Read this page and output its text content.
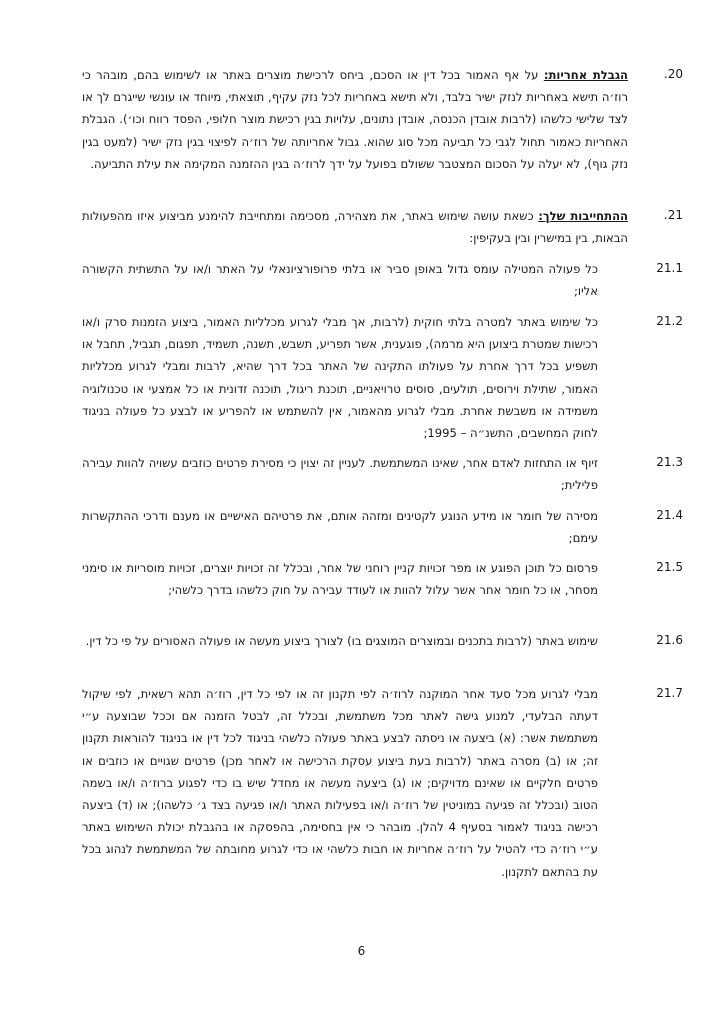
.20
הגבלת אחריות: על אף האמור בכל דין או הסכם, ביחס לרכישת מוצרים באתר או לשימוש בהם, מובהר כי רוז׳ה תישא באחריות לנזק ישיר בלבד, ולא תישא באחריות לכל נזק עקיף, תוצאתי, מיוחד או עונשי שייגרם לך או לצד שלישי כלשהו (לרבות אובדן הכנסה, אובדן נתונים, עלויות בגין רכישת מוצר חלופי, הפסד רווח וכו׳). הגבלת האחריות כאמור תחול לגבי כל תביעה מכל סוג שהוא. גבול אחריותה של רוז׳ה לפיצוי בגין נזק ישיר (למעט בגין נזק גוף), לא יעלה על הסכום המצטבר ששולם בפועל על ידך לרוז׳ה בגין ההזמנה המקימה את עילת התביעה.
.21
ההתחייבות שלך: כשאת עושה שימוש באתר, את מצהירה, מסכימה ומתחייבת להימנע מביצוע איזו מהפעולות הבאות, בין במישרין ובין בעקיפין:
21.1
כל פעולה המטילה עומס גדול באופן סביר או בלתי פרופורציונאלי על האתר ו/או על התשתית הקשורה אליו;
21.2
כל שימוש באתר למטרה בלתי חוקית (לרבות, אך מבלי לגרוע מכלליות האמור, ביצוע הזמנות סרק ו/או רכישות שמטרת ביצוען היא מרמה), פוגענית, אשר תפריע, תשבש, תשנה, תשמיד, תפגום, תגביל, תחבל או תשפיע בכל דרך אחרת על פעולתו התקינה של האתר בכל דרך שהיא, לרבות ומבלי לגרוע מכלליות האמור, שתילת וירוסים, תולעים, סוסים טרויאניים, תוכנת ריגול, תוכנה זדונית או כל אמצעי או טכנולוגיה משמידה או משבשת אחרת. מבלי לגרוע מהאמור, אין להשתמש או להפריע או לבצע כל פעולה בניגוד לחוק המחשבים, התשנ״ה – 1995;
21.3
זיוף או התחזות לאדם אחר, שאינו המשתמשת. לעניין זה יצוין כי מסירת פרטים כוזבים עשויה להוות עבירה פלילית;
21.4
מסירה של חומר או מידע הנוגע לקטינים ומזהה אותם, את פרטיהם האישיים או מענם ודרכי ההתקשרות עימם;
21.5
פרסום כל תוכן הפוגע או מפר זכויות קניין רוחני של אחר, ובכלל זה זכויות יוצרים, זכויות מוסריות או סימני מסחר, או כל חומר אחר אשר עלול להוות או לעודד עבירה על חוק כלשהו בדרך כלשהי;
21.6
שימוש באתר (לרבות בתכנים ובמוצרים המוצגים בו) לצורך ביצוע מעשה או פעולה האסורים על פי כל דין.
21.7
מבלי לגרוע מכל סעד אחר המוקנה לרוז׳ה לפי תקנון זה או לפי כל דין, רוז׳ה תהא רשאית, לפי שיקול דעתה הבלעדי, למנוע גישה לאתר מכל משתמשת, ובכלל זה, לבטל הזמנה אם וככל שבוצעה ע״י משתמשת אשר: (א) ביצעה או ניסתה לבצע באתר פעולה כלשהי בניגוד לכל דין או בניגוד להוראות תקנון זה; או (ב) מסרה באתר (לרבות בעת ביצוע עסקת הרכישה או לאחר מכן) פרטים שגויים או כוזבים או פרטים חלקיים או שאינם מדויקים; או (ג) ביצעה מעשה או מחדל שיש בו כדי לפגוע ברוז׳ה ו/או בשמה הטוב (ובכלל זה פגיעה במוניטין של רוז׳ה ו/או בפעילות האתר ו/או פגיעה בצד ג׳ כלשהו); או (ד) ביצעה רכישה בניגוד לאמור בסעיף 4 להלן. מובהר כי אין בחסימה, בהפסקה או בהגבלת יכולת השימוש באתר ע״י רוז׳ה כדי להטיל על רוז׳ה אחריות או חבות כלשהי או כדי לגרוע מחובתה של המשתמשת לנהוג בכל עת בהתאם לתקנון.
6
